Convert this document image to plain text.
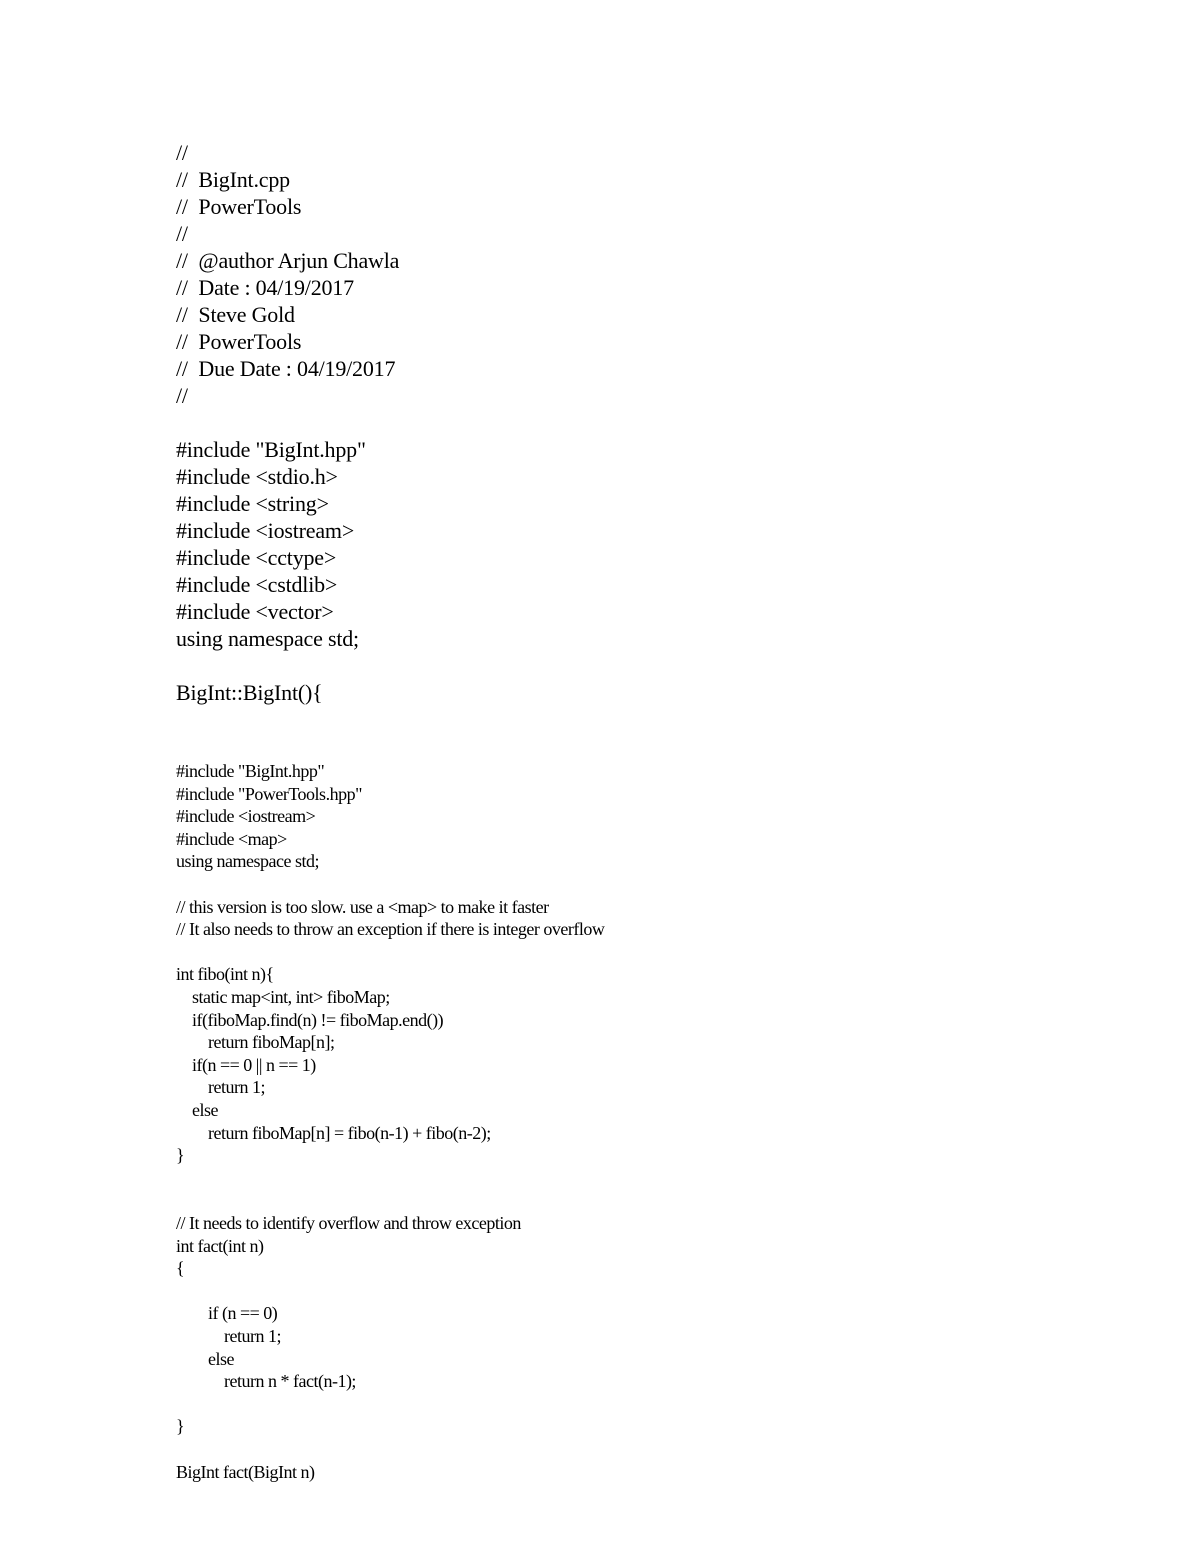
//
//  BigInt.cpp
//  PowerTools
//
//  @author Arjun Chawla
//  Date : 04/19/2017
//  Steve Gold
//  PowerTools
//  Due Date : 04/19/2017
//
#include "BigInt.hpp"
#include <stdio.h>
#include <string>
#include <iostream>
#include <cctype>
#include <cstdlib>
#include <vector>
using namespace std;
BigInt::BigInt(){
#include "BigInt.hpp"
#include "PowerTools.hpp"
#include <iostream>
#include <map>
using namespace std;
// this version is too slow. use a <map> to make it faster
// It also needs to throw an exception if there is integer overflow
int fibo(int n){
static map<int, int> fiboMap;
if(fiboMap.find(n) != fiboMap.end())
return fiboMap[n];
if(n == 0 || n == 1)
return 1;
else
return fiboMap[n] = fibo(n-1) + fibo(n-2);
}
// It needs to identify overflow and throw exception
int fact(int n)
{
if (n == 0)
return 1;
else
return n * fact(n-1);
}
BigInt fact(BigInt n)
